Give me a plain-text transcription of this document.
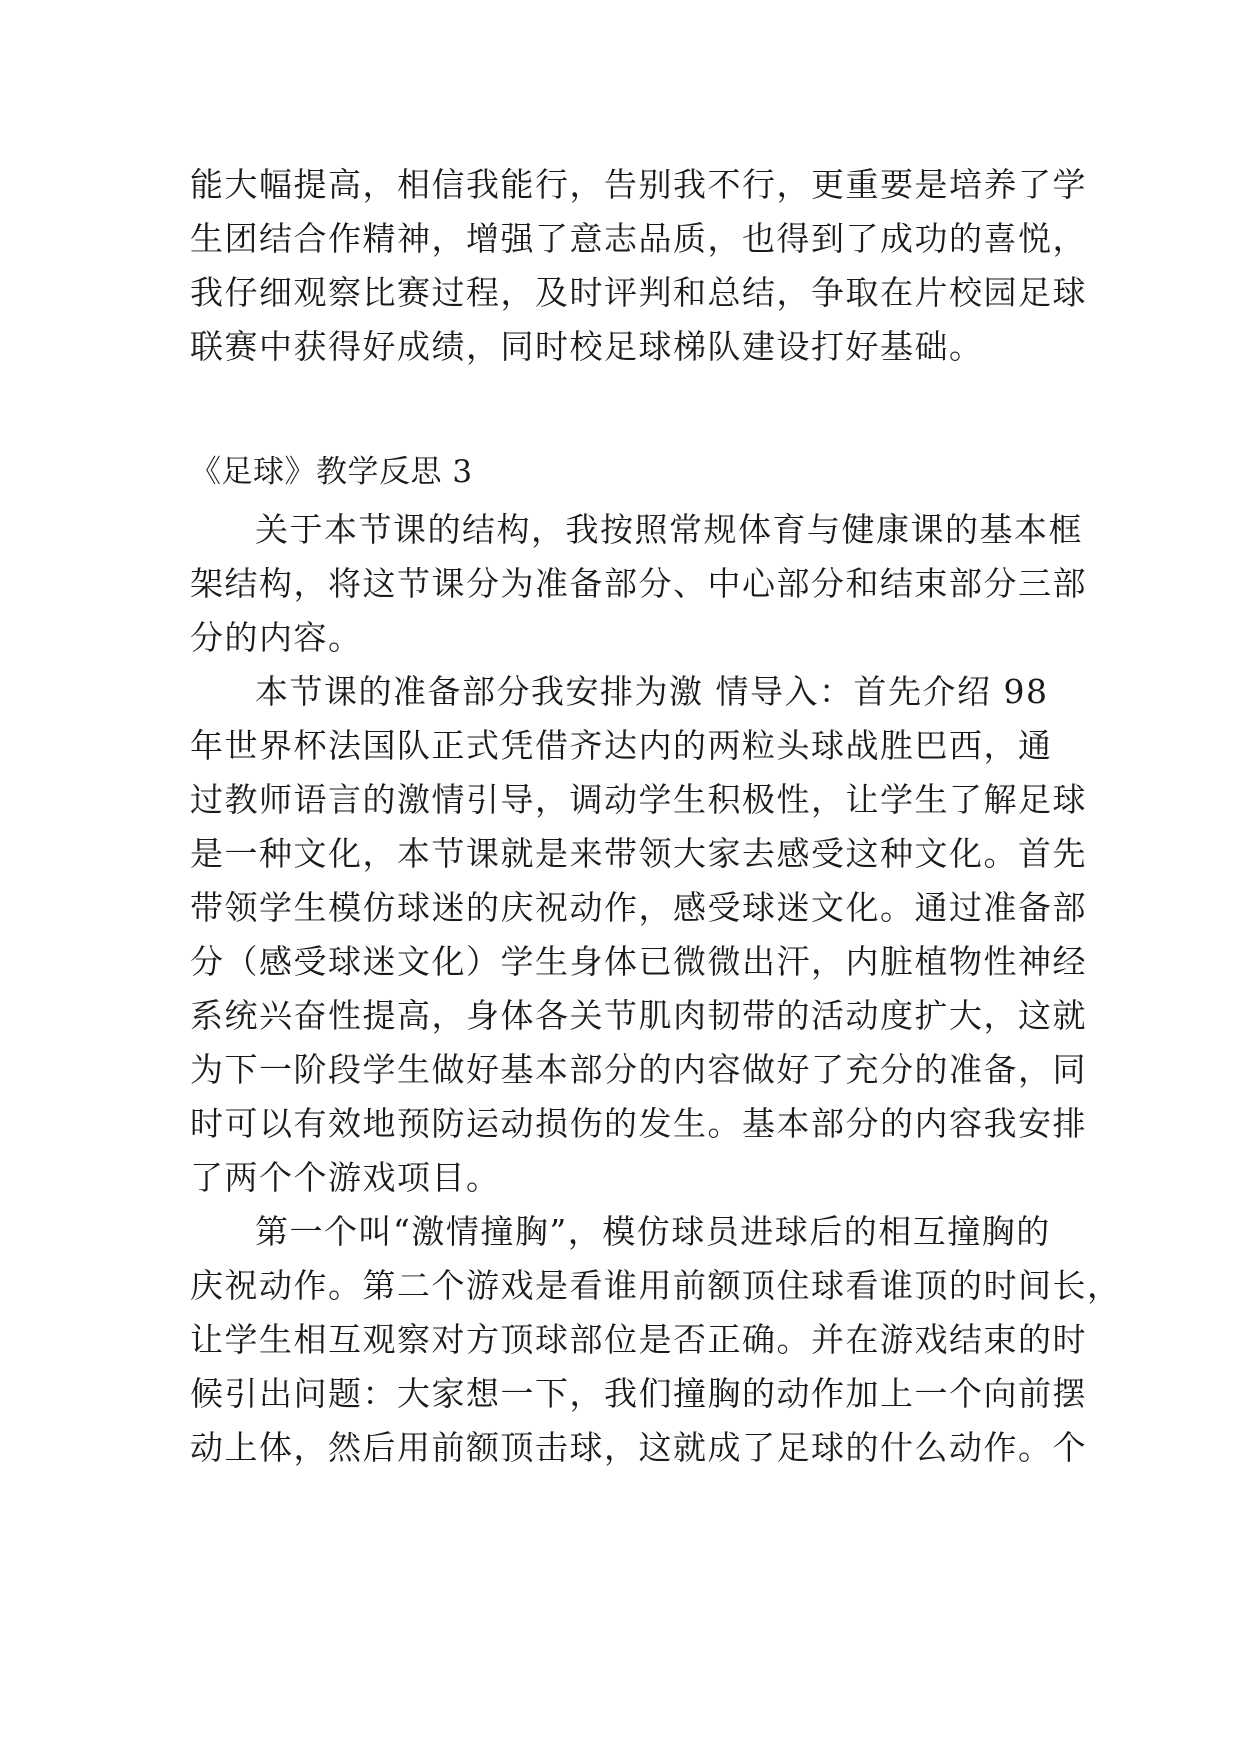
能大幅提高，相信我能行，告别我不行，更重要是培养了学
生团结合作精神，增强了意志品质，也得到了成功的喜悦，
我仔细观察比赛过程，及时评判和总结，争取在片校园足球
联赛中获得好成绩，同时校足球梯队建设打好基础。
《足球》教学反思 3
关于本节课的结构，我按照常规体育与健康课的基本框
架结构，将这节课分为准备部分、中心部分和结束部分三部
分的内容。
本节课的准备部分我安排为激 情导入：首先介绍 98
年世界杯法国队正式凭借齐达内的两粒头球战胜巴西，通
过教师语言的激情引导，调动学生积极性，让学生了解足球
是一种文化，本节课就是来带领大家去感受这种文化。首先
带领学生模仿球迷的庆祝动作，感受球迷文化。通过准备部
分（感受球迷文化）学生身体已微微出汗，内脏植物性神经
系统兴奋性提高，身体各关节肌肉韧带的活动度扩大，这就
为下一阶段学生做好基本部分的内容做好了充分的准备，同
时可以有效地预防运动损伤的发生。基本部分的内容我安排
了两个个游戏项目。
第一个叫“激情撞胸”，模仿球员进球后的相互撞胸的
庆祝动作。第二个游戏是看谁用前额顶住球看谁顶的时间长，
让学生相互观察对方顶球部位是否正确。并在游戏结束的时
候引出问题：大家想一下，我们撞胸的动作加上一个向前摆
动上体，然后用前额顶击球，这就成了足球的什么动作。个
